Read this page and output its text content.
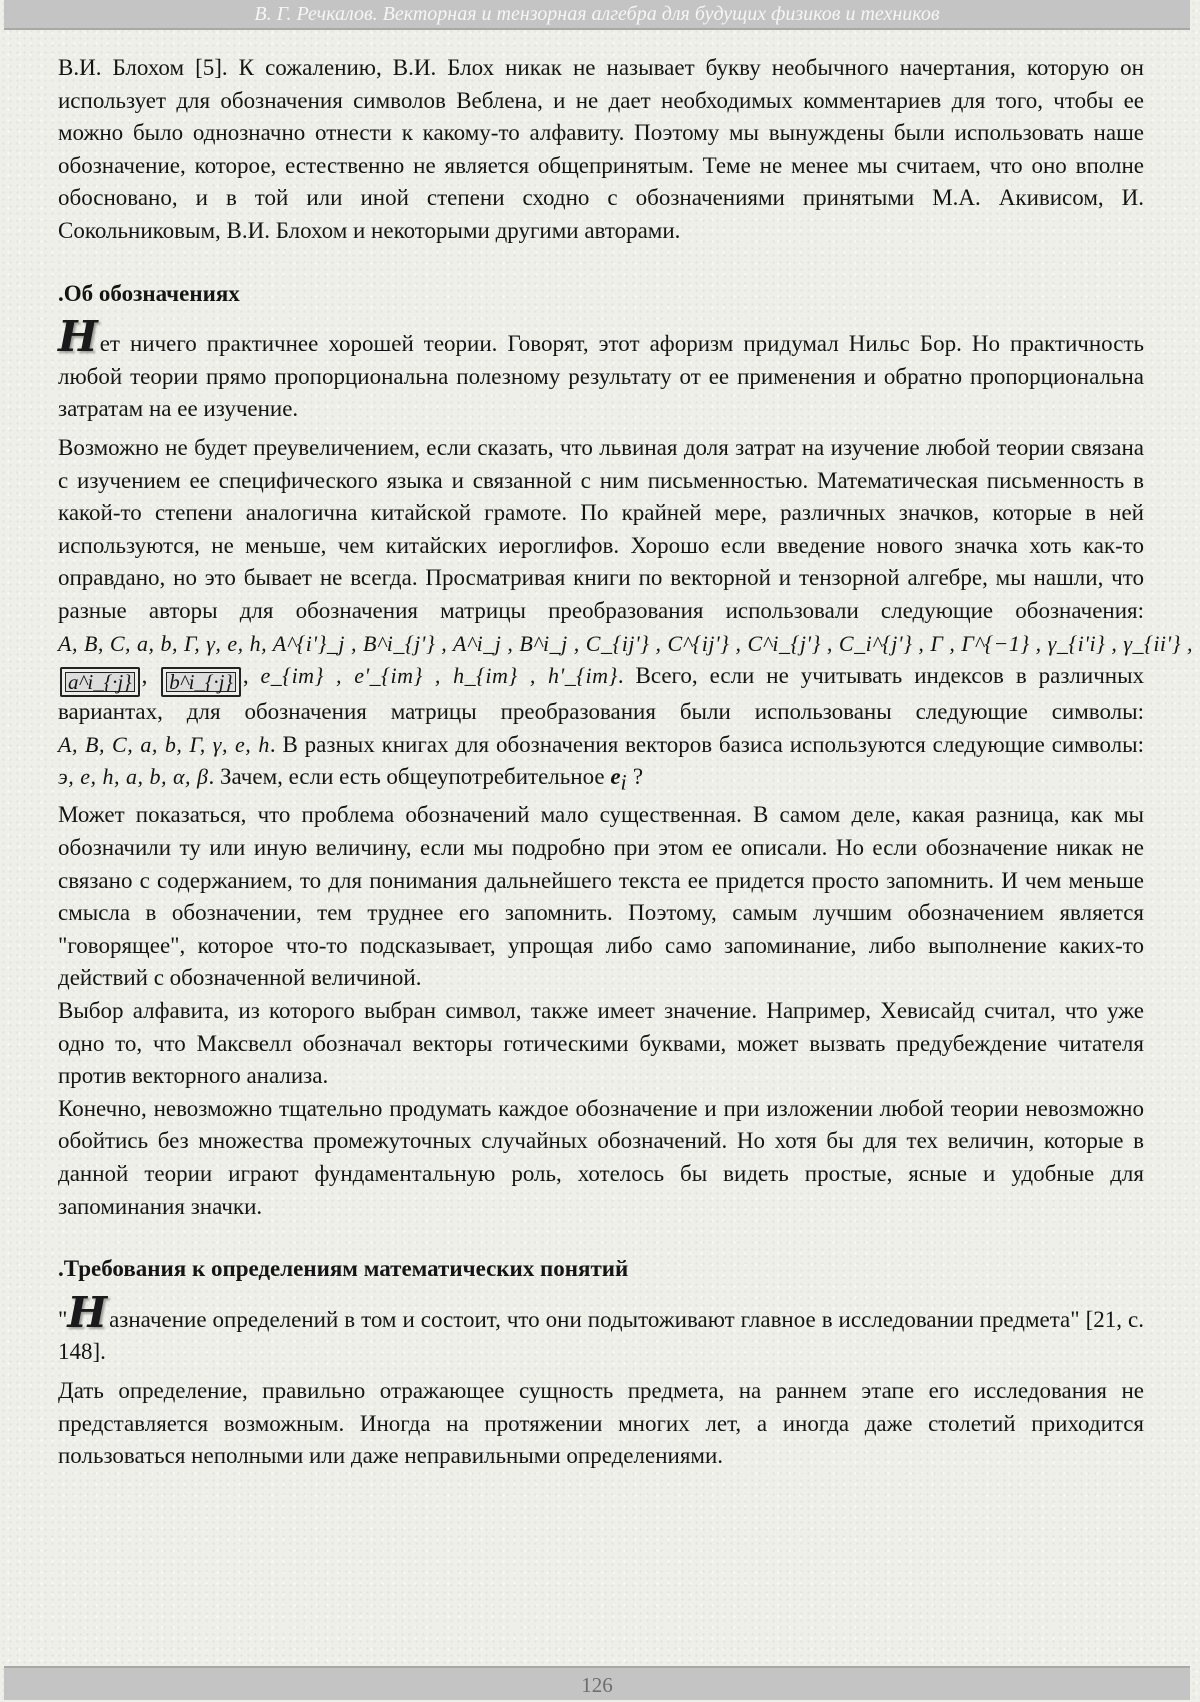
В. Г. Речкалов. Векторная и тензорная алгебра для будущих физиков и техников

В.И. Блохом [5]. К сожалению, В.И. Блох никак не называет букву необычного начертания, которую он использует для обозначения символов Веблена, и не дает необходимых комментариев для того, чтобы ее можно было однозначно отнести к какому-то алфавиту. Поэтому мы вынуждены были использовать наше обозначение, которое, естественно не является общепринятым. Теме не менее мы считаем, что оно вполне обосновано, и в той или иной степени сходно с обозначениями принятыми М.А. Акивисом, И. Сокольниковым, В.И. Блохом и некоторыми другими авторами.

.Об обозначениях

Нет ничего практичнее хорошей теории. Говорят, этот афоризм придумал Нильс Бор. Но практичность любой теории прямо пропорциональна полезному результату от ее применения и обратно пропорциональна затратам на ее изучение.

Возможно не будет преувеличением, если сказать, что львиная доля затрат на изучение любой теории связана с изучением ее специфического языка и связанной с ним письменностью. Математическая письменность в какой-то степени аналогична китайской грамоте. По крайней мере, различных значков, которые в ней используются, не меньше, чем китайских иероглифов. Хорошо если введение нового значка хоть как-то оправдано, но это бывает не всегда. Просматривая книги по векторной и тензорной алгебре, мы нашли, что разные авторы для обозначения матрицы преобразования использовали следующие обозначения: A, B, C, a, b, Γ, γ, e, h, A^{i'}_j , B^i_{j'} , A^i_j , B^i_j , C_{ij'} , C^{ij'} , C^i_{j'} , C_i^{j'} , Γ , Γ^{−1} , γ_{i'i} , γ_{ii'} , a^i_{·j} , b^i_{·j} , e_{im} , e'_{im} , h_{im} , h'_{im}. Всего, если не учитывать индексов в различных вариантах, для обозначения матрицы преобразования были использованы следующие символы: A, B, C, a, b, Γ, γ, e, h. В разных книгах для обозначения векторов базиса используются следующие символы: э, e, h, a, b, α, β. Зачем, если есть общеупотребительное $e_i$ ?

Может показаться, что проблема обозначений мало существенная. В самом деле, какая разница, как мы обозначили ту или иную величину, если мы подробно при этом ее описали. Но если обозначение никак не связано с содержанием, то для понимания дальнейшего текста ее придется просто запомнить. И чем меньше смысла в обозначении, тем труднее его запомнить. Поэтому, самым лучшим обозначением является "говорящее", которое что-то подсказывает, упрощая либо само запоминание, либо выполнение каких-то действий с обозначенной величиной.

Выбор алфавита, из которого выбран символ, также имеет значение. Например, Хевисайд считал, что уже одно то, что Максвелл обозначал векторы готическими буквами, может вызвать предубеждение читателя против векторного анализа.

Конечно, невозможно тщательно продумать каждое обозначение и при изложении любой теории невозможно обойтись без множества промежуточных случайных обозначений. Но хотя бы для тех величин, которые в данной теории играют фундаментальную роль, хотелось бы видеть простые, ясные и удобные для запоминания значки.

.Требования к определениям математических понятий

"Назначение определений в том и состоит, что они подытоживают главное в исследовании предмета" [21, с. 148].

Дать определение, правильно отражающее сущность предмета, на раннем этапе его исследования не представляется возможным. Иногда на протяжении многих лет, а иногда даже столетий приходится пользоваться неполными или даже неправильными определениями.

126
